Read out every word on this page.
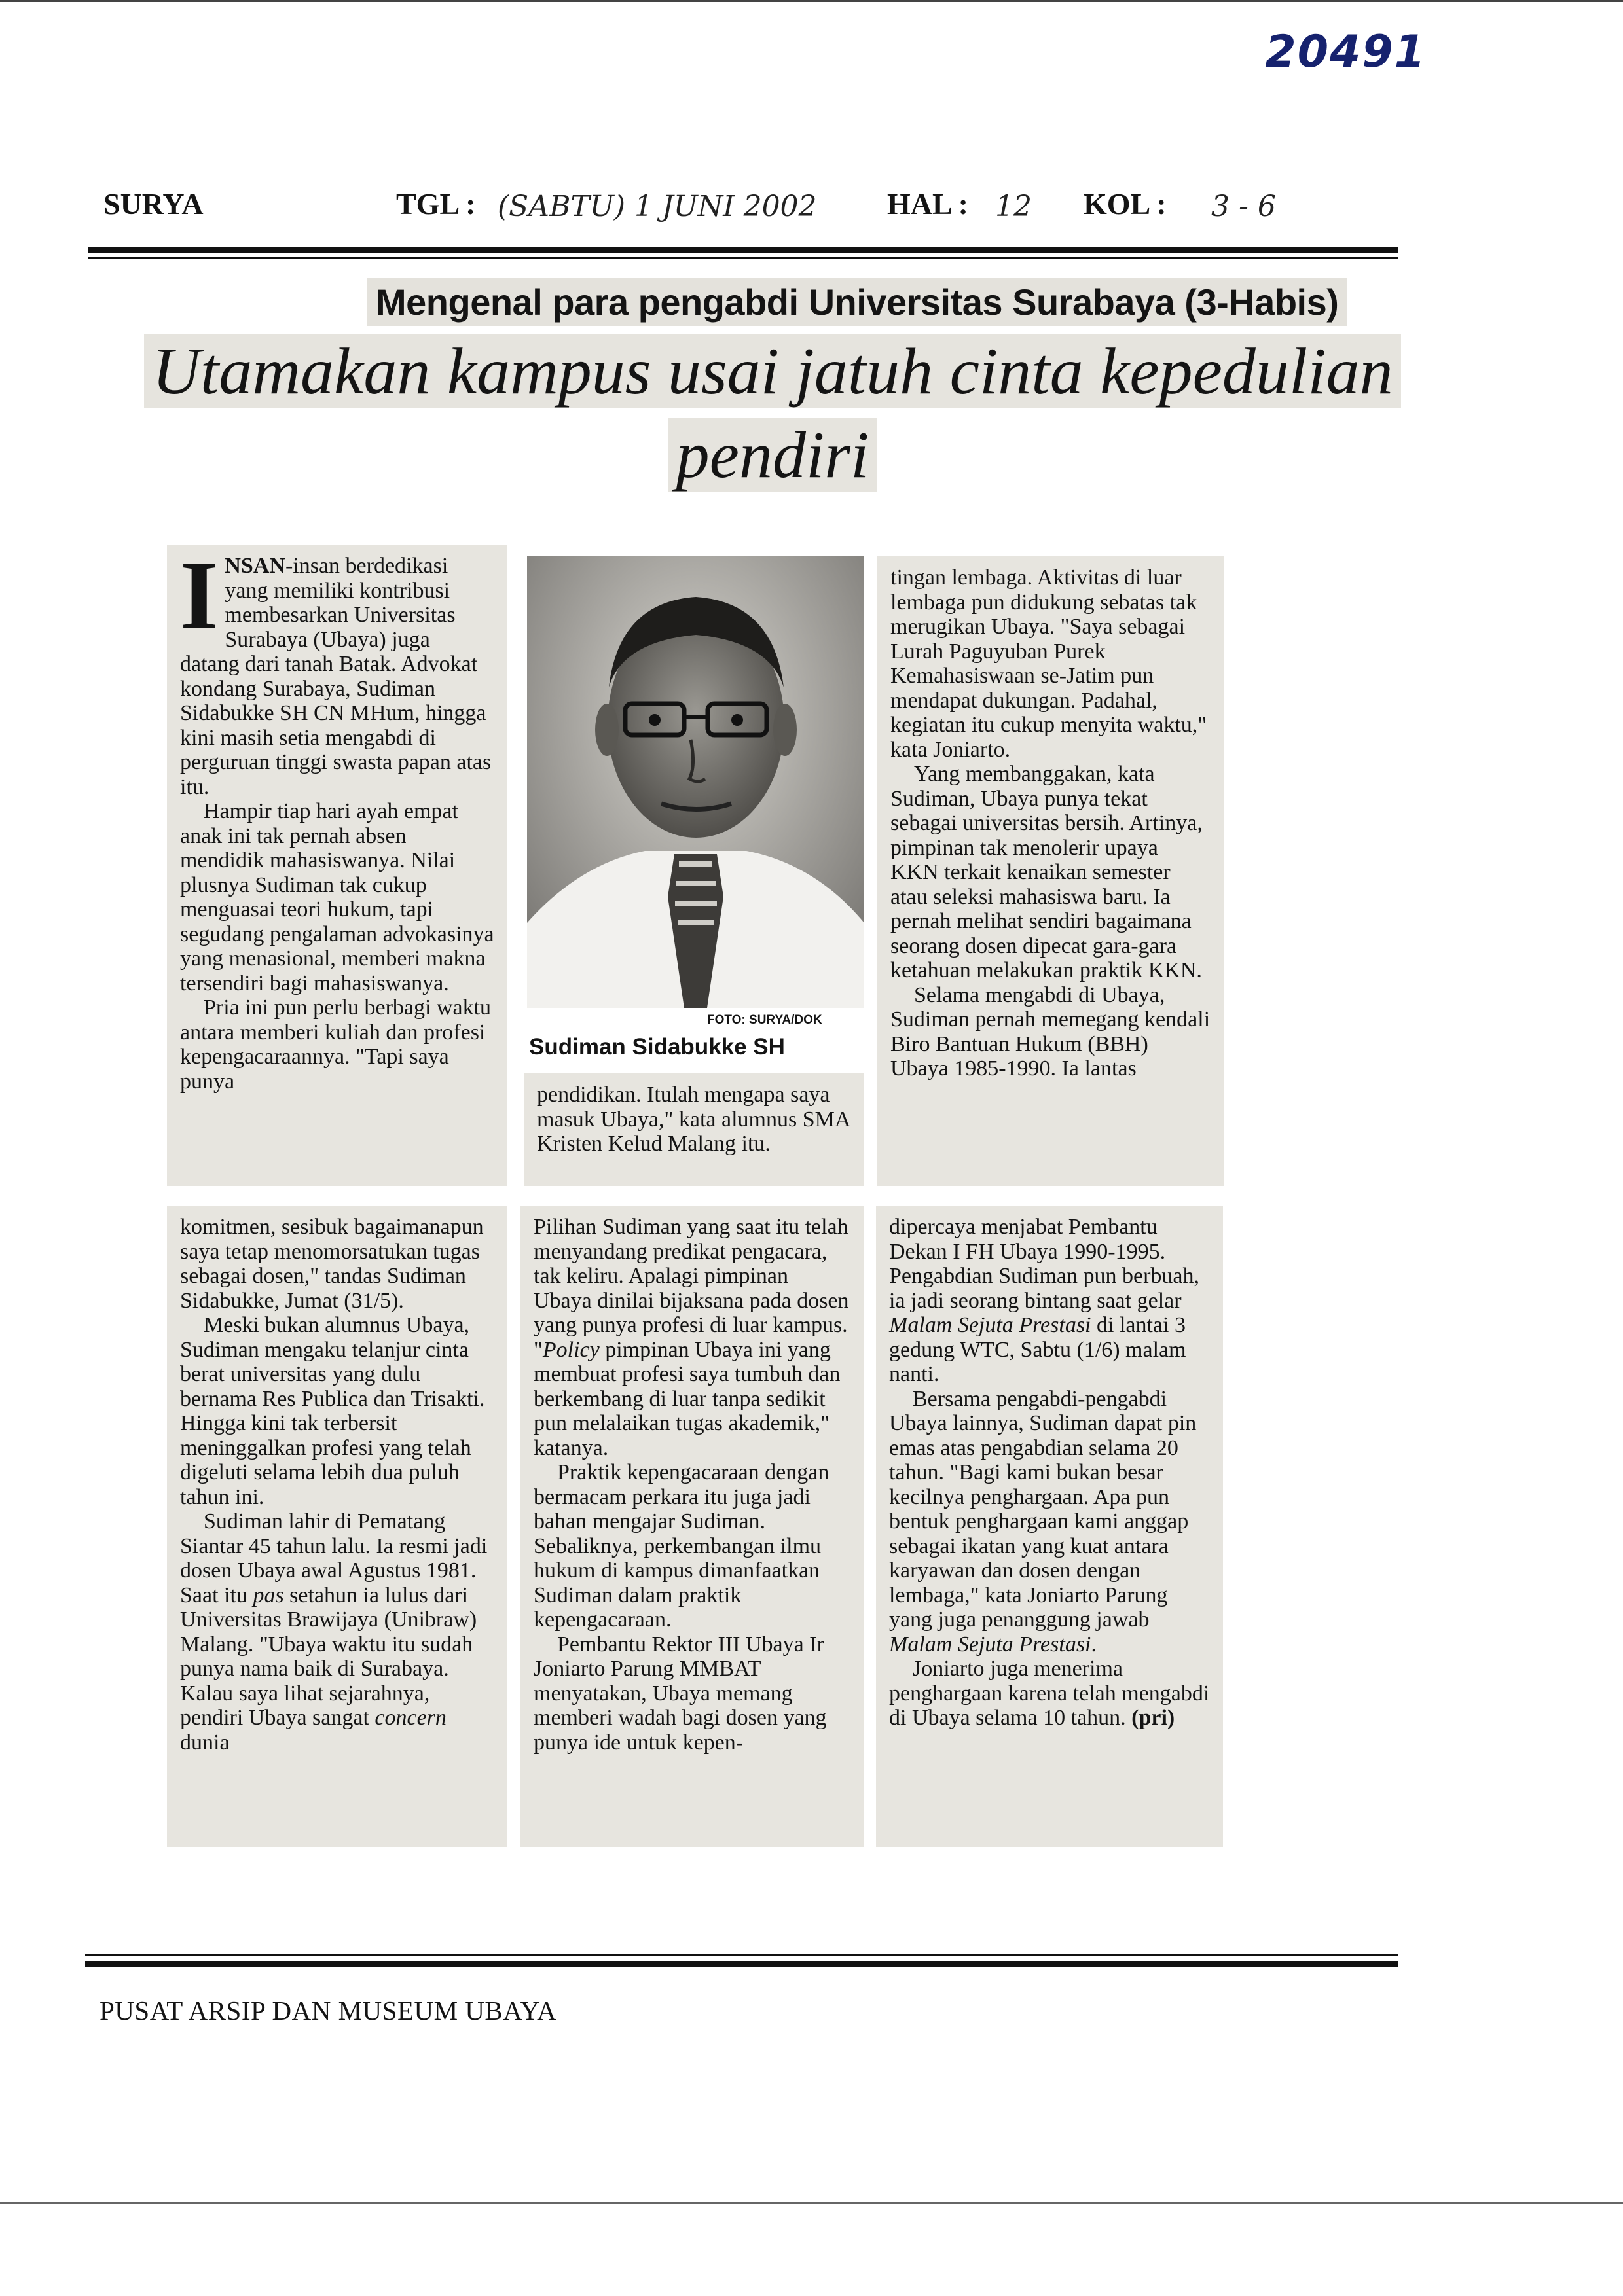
20491
SURYA	TGL : (SABTU) 1 JUNI 2002 HAL : 12 KOL : 3 - 6
Mengenal para pengabdi Universitas Surabaya (3-Habis)
Utamakan kampus usai jatuh cinta kepedulian
pendiri

INSAN-insan berdedikasi yang memiliki kontribusi membesarkan Universitas Surabaya (Ubaya) juga datang dari tanah Batak. Advokat kondang Surabaya, Sudiman Sidabukke SH CN MHum, hingga kini masih setia mengabdi di perguruan tinggi swasta papan atas itu.

Hampir tiap hari ayah empat anak ini tak pernah absen mendidik mahasiswanya. Nilai plusnya Sudiman tak cukup menguasai teori hukum, tapi segudang pengalaman advokasinya yang menasional, memberi makna tersendiri bagi mahasiswanya.

Pria ini pun perlu berbagi waktu antara memberi kuliah dan profesi kepengacaraannya. "Tapi saya punya

FOTO: SURYA/DOK
Sudiman Sidabukke SH

pendidikan. Itulah mengapa saya masuk Ubaya," kata alumnus SMA Kristen Kelud Malang itu.

tingan lembaga. Aktivitas di luar lembaga pun didukung sebatas tak merugikan Ubaya. "Saya sebagai Lurah Paguyuban Purek Kemahasiswaan se-Jatim pun mendapat dukungan. Padahal, kegiatan itu cukup menyita waktu," kata Joniarto.

Yang membanggakan, kata Sudiman, Ubaya punya tekat sebagai universitas bersih. Artinya, pimpinan tak menolerir upaya KKN terkait kenaikan semester atau seleksi mahasiswa baru. Ia pernah melihat sendiri bagaimana seorang dosen dipecat gara-gara ketahuan melakukan praktik KKN.

Selama mengabdi di Ubaya, Sudiman pernah memegang kendali Biro Bantuan Hukum (BBH) Ubaya 1985-1990. Ia lantas

komitmen, sesibuk bagaimanapun saya tetap menomorsatukan tugas sebagai dosen," tandas Sudiman Sidabukke, Jumat (31/5).

Meski bukan alumnus Ubaya, Sudiman mengaku telanjur cinta berat universitas yang dulu bernama Res Publica dan Trisakti. Hingga kini tak terbersit meninggalkan profesi yang telah digeluti selama lebih dua puluh tahun ini.

Sudiman lahir di Pematang Siantar 45 tahun lalu. Ia resmi jadi dosen Ubaya awal Agustus 1981. Saat itu pas setahun ia lulus dari Universitas Brawijaya (Unibraw) Malang. "Ubaya waktu itu sudah punya nama baik di Surabaya. Kalau saya lihat sejarahnya, pendiri Ubaya sangat concern dunia

Pilihan Sudiman yang saat itu telah menyandang predikat pengacara, tak keliru. Apalagi pimpinan Ubaya dinilai bijaksana pada dosen yang punya profesi di luar kampus. "Policy pimpinan Ubaya ini yang membuat profesi saya tumbuh dan berkembang di luar tanpa sedikit pun melalaikan tugas akademik," katanya.

Praktik kepengacaraan dengan bermacam perkara itu juga jadi bahan mengajar Sudiman. Sebaliknya, perkembangan ilmu hukum di kampus dimanfaatkan Sudiman dalam praktik kepengacaraan.

Pembantu Rektor III Ubaya Ir Joniarto Parung MMBAT menyatakan, Ubaya memang memberi wadah bagi dosen yang punya ide untuk kepen-

dipercaya menjabat Pembantu Dekan I FH Ubaya 1990-1995. Pengabdian Sudiman pun berbuah, ia jadi seorang bintang saat gelar Malam Sejuta Prestasi di lantai 3 gedung WTC, Sabtu (1/6) malam nanti.

Bersama pengabdi-pengabdi Ubaya lainnya, Sudiman dapat pin emas atas pengabdian selama 20 tahun. "Bagi kami bukan besar kecilnya penghargaan. Apa pun bentuk penghargaan kami anggap sebagai ikatan yang kuat antara karyawan dan dosen dengan lembaga," kata Joniarto Parung yang juga penanggung jawab Malam Sejuta Prestasi.

Joniarto juga menerima penghargaan karena telah mengabdi di Ubaya selama 10 tahun. (pri)

PUSAT ARSIP DAN MUSEUM UBAYA
